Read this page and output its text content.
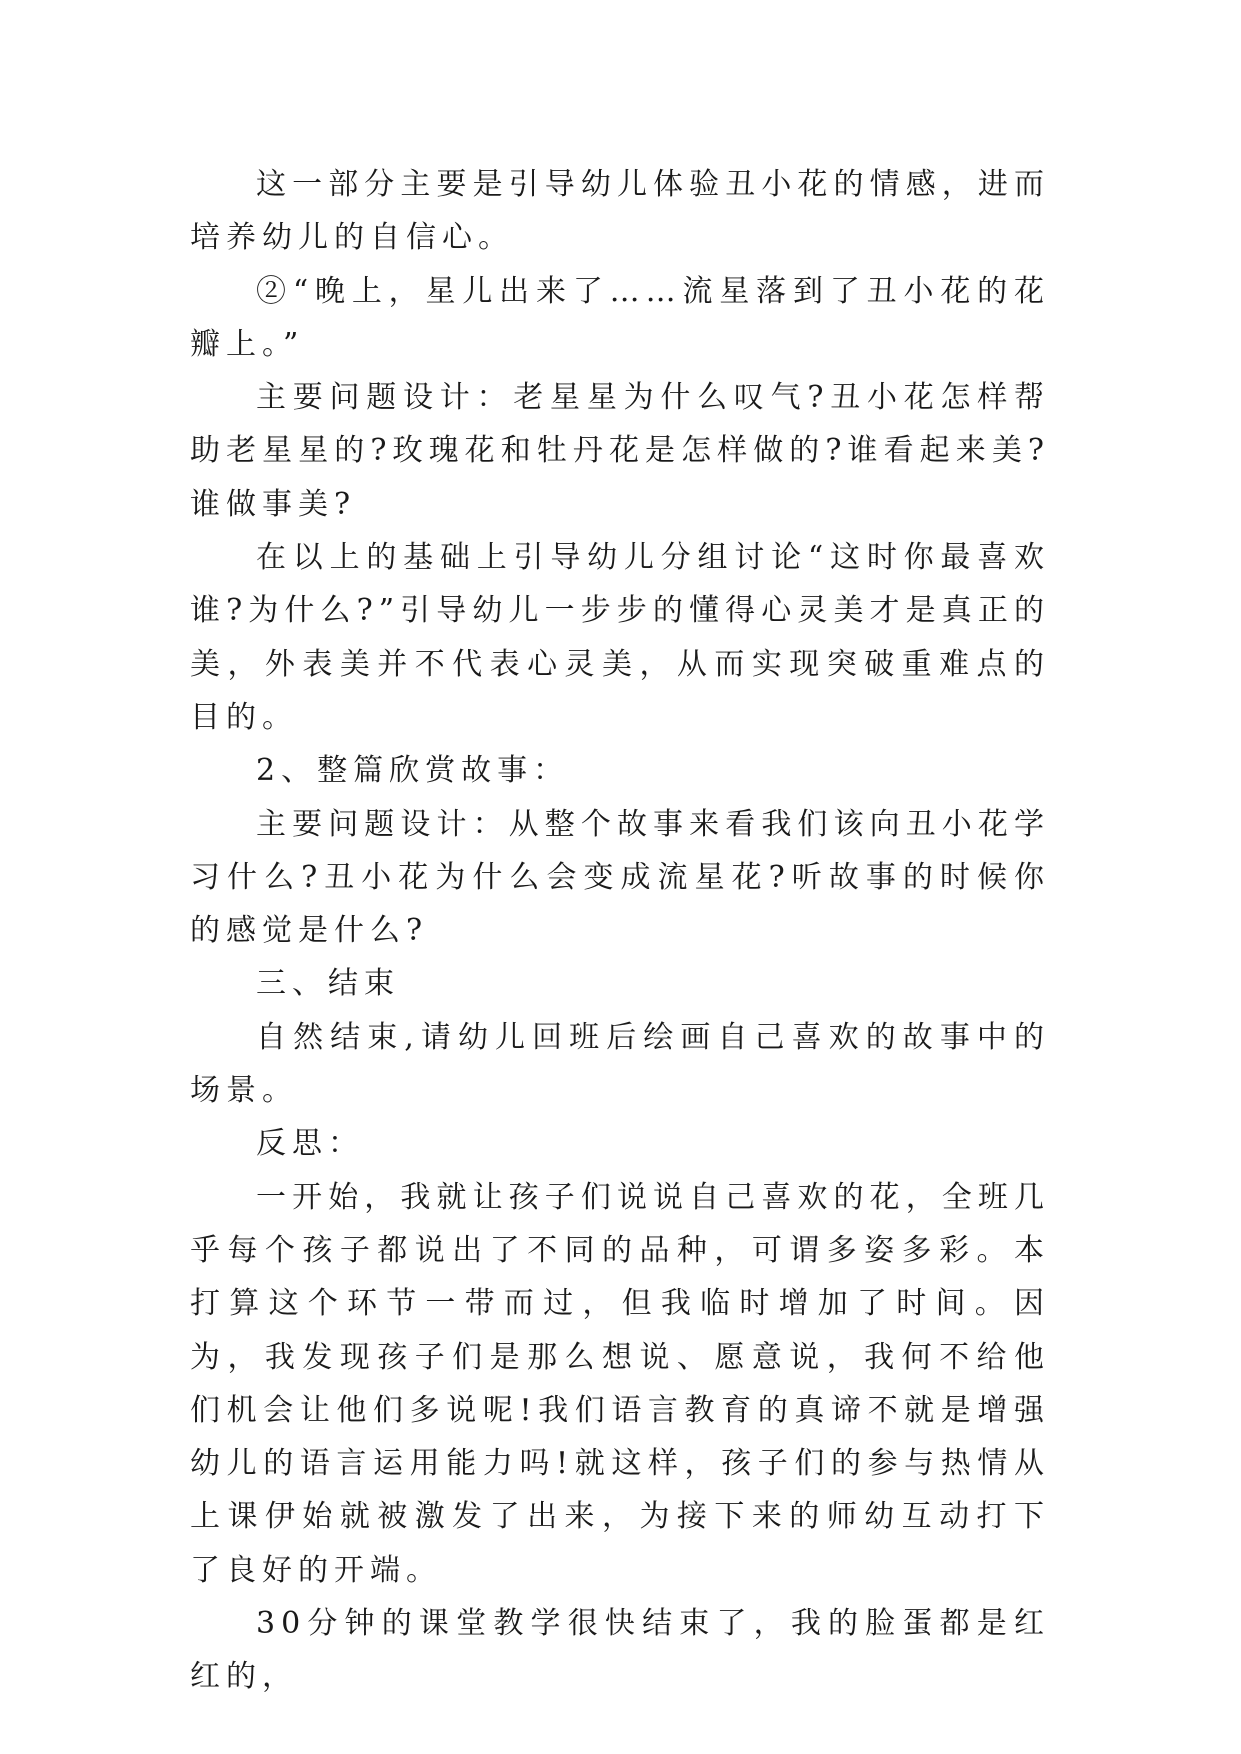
这一部分主要是引导幼儿体验丑小花的情感，进而培养幼儿的自信心。

②“晚上，星儿出来了……流星落到了丑小花的花瓣上。”

主要问题设计：老星星为什么叹气?丑小花怎样帮助老星星的?玫瑰花和牡丹花是怎样做的?谁看起来美?谁做事美?

在以上的基础上引导幼儿分组讨论“这时你最喜欢谁?为什么?”引导幼儿一步步的懂得心灵美才是真正的美，外表美并不代表心灵美，从而实现突破重难点的目的。

2、整篇欣赏故事：

主要问题设计：从整个故事来看我们该向丑小花学习什么?丑小花为什么会变成流星花?听故事的时候你的感觉是什么?

三、结束

自然结束,请幼儿回班后绘画自己喜欢的故事中的场景。

反思：

一开始，我就让孩子们说说自己喜欢的花，全班几乎每个孩子都说出了不同的品种，可谓多姿多彩。本打算这个环节一带而过，但我临时增加了时间。因为，我发现孩子们是那么想说、愿意说，我何不给他们机会让他们多说呢!我们语言教育的真谛不就是增强幼儿的语言运用能力吗!就这样，孩子们的参与热情从上课伊始就被激发了出来，为接下来的师幼互动打下了良好的开端。

30分钟的课堂教学很快结束了，我的脸蛋都是红红的，
